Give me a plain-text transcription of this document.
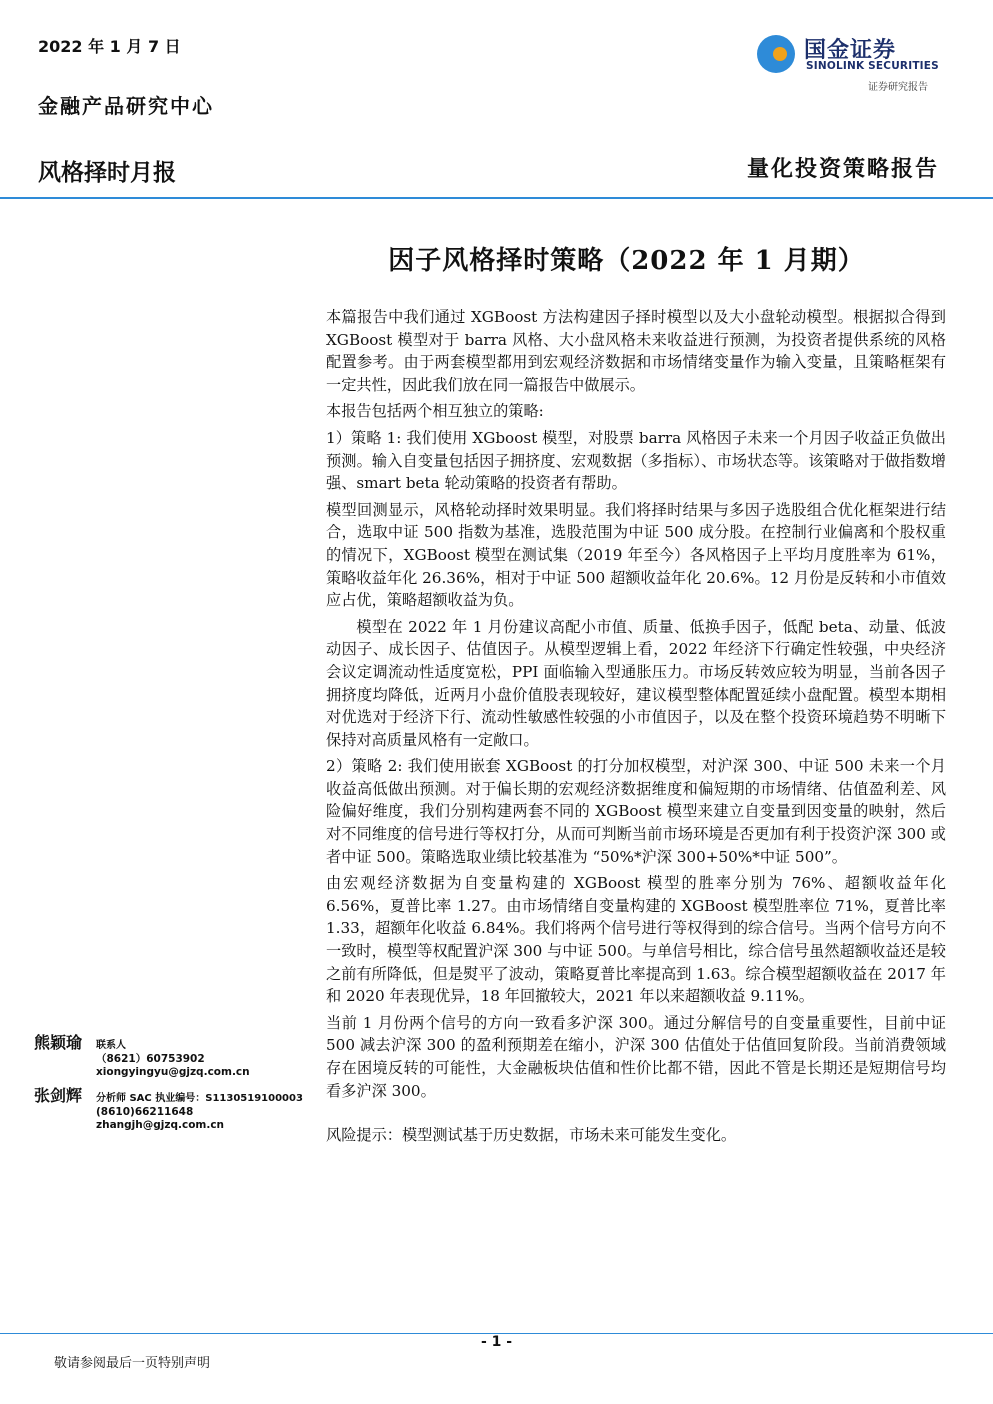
2022 年 1 月 7 日
金融产品研究中心
国金证券
SINOLINK SECURITIES
证券研究报告
风格择时月报	量化投资策略报告
因子风格择时策略（2022 年 1 月期）

本篇报告中我们通过 XGBoost 方法构建因子择时模型以及大小盘轮动模型。根据拟合得到 XGBoost 模型对于 barra 风格、大小盘风格未来收益进行预测，为投资者提供系统的风格配置参考。由于两套模型都用到宏观经济数据和市场情绪变量作为输入变量，且策略框架有一定共性，因此我们放在同一篇报告中做展示。

本报告包括两个相互独立的策略:

1）策略 1: 我们使用 XGboost 模型，对股票 barra 风格因子未来一个月因子收益正负做出预测。输入自变量包括因子拥挤度、宏观数据（多指标）、市场状态等。该策略对于做指数增强、smart beta 轮动策略的投资者有帮助。

模型回测显示，风格轮动择时效果明显。我们将择时结果与多因子选股组合优化框架进行结合，选取中证 500 指数为基准，选股范围为中证 500 成分股。在控制行业偏离和个股权重的情况下，XGBoost 模型在测试集（2019 年至今）各风格因子上平均月度胜率为 61%，策略收益年化 26.36%，相对于中证 500 超额收益年化 20.6%。12 月份是反转和小市值效应占优，策略超额收益为负。

模型在 2022 年 1 月份建议高配小市值、质量、低换手因子，低配 beta、动量、低波动因子、成长因子、估值因子。从模型逻辑上看，2022 年经济下行确定性较强，中央经济会议定调流动性适度宽松，PPI 面临输入型通胀压力。市场反转效应较为明显，当前各因子拥挤度均降低，近两月小盘价值股表现较好，建议模型整体配置延续小盘配置。模型本期相对优选对于经济下行、流动性敏感性较强的小市值因子，以及在整个投资环境趋势不明晰下保持对高质量风格有一定敞口。

2）策略 2: 我们使用嵌套 XGBoost 的打分加权模型，对沪深 300、中证 500 未来一个月收益高低做出预测。对于偏长期的宏观经济数据维度和偏短期的市场情绪、估值盈利差、风险偏好维度，我们分别构建两套不同的 XGBoost 模型来建立自变量到因变量的映射，然后对不同维度的信号进行等权打分，从而可判断当前市场环境是否更加有利于投资沪深 300 或者中证 500。策略选取业绩比较基准为 “50%*沪深 300+50%*中证 500”。

由宏观经济数据为自变量构建的 XGBoost 模型的胜率分别为 76%、超额收益年化 6.56%，夏普比率 1.27。由市场情绪自变量构建的 XGBoost 模型胜率位 71%，夏普比率 1.33，超额年化收益 6.84%。我们将两个信号进行等权得到的综合信号。当两个信号方向不一致时，模型等权配置沪深 300 与中证 500。与单信号相比，综合信号虽然超额收益还是较之前有所降低，但是熨平了波动，策略夏普比率提高到 1.63。综合模型超额收益在 2017 年和 2020 年表现优异，18 年回撤较大，2021 年以来超额收益 9.11%。

当前 1 月份两个信号的方向一致看多沪深 300。通过分解信号的自变量重要性，目前中证 500 减去沪深 300 的盈利预期差在缩小，沪深 300 估值处于估值回复阶段。当前消费领域存在困境反转的可能性，大金融板块估值和性价比都不错，因此不管是长期还是短期信号均看多沪深 300。

风险提示：模型测试基于历史数据，市场未来可能发生变化。

熊颖瑜	联系人
（8621）60753902
xiongyingyu@gjzq.com.cn
张剑辉	分析师 SAC 执业编号：S1130519100003
(8610)66211648
zhangjh@gjzq.com.cn
- 1 -
敬请参阅最后一页特别声明
